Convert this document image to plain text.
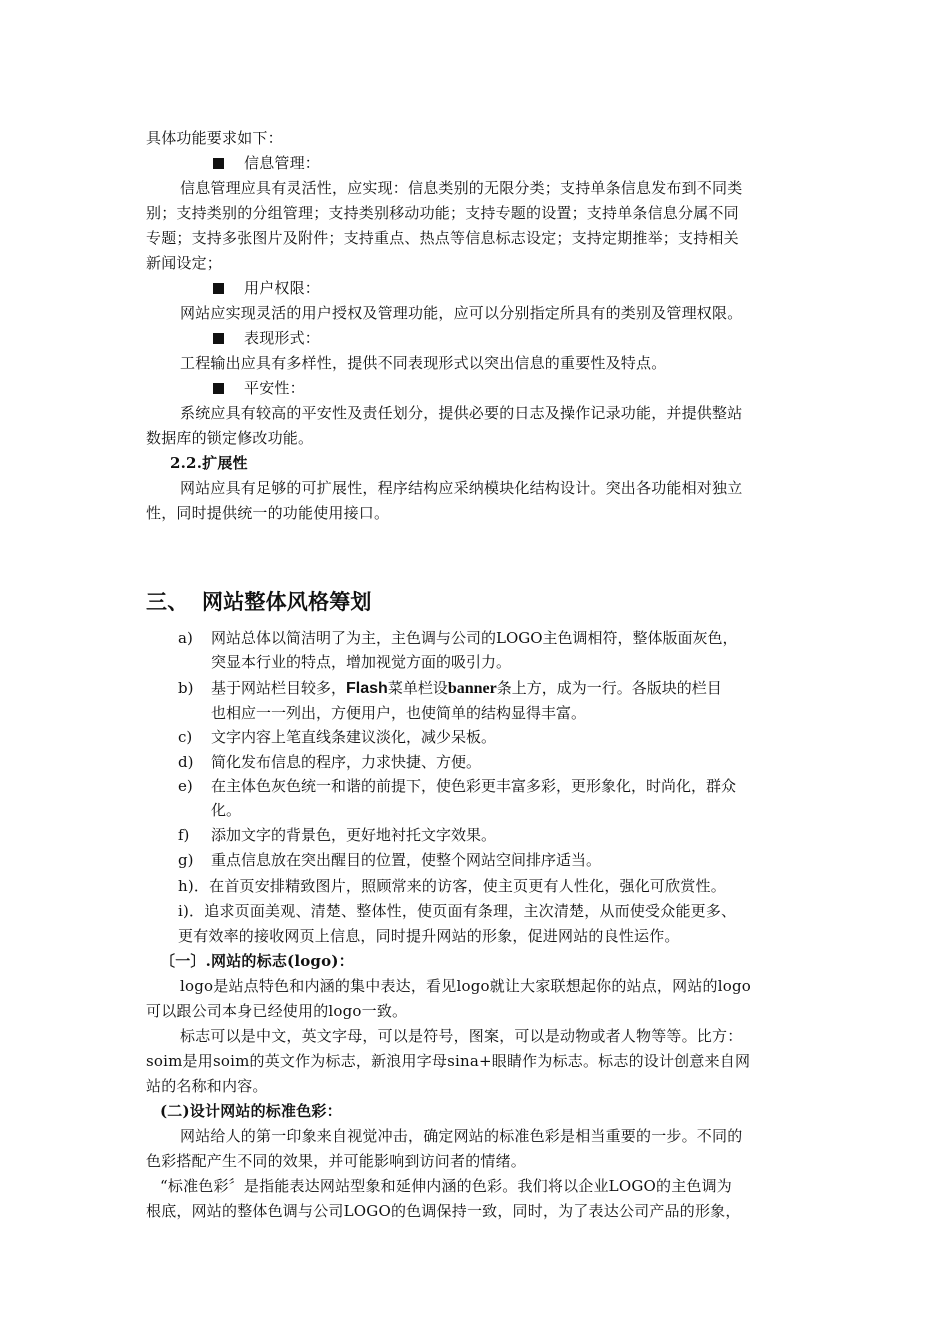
具体功能要求如下：
信息管理：
信息管理应具有灵活性，应实现：信息类别的无限分类；支持单条信息发布到不同类
别；支持类别的分组管理；支持类别移动功能；支持专题的设置；支持单条信息分属不同
专题；支持多张图片及附件；支持重点、热点等信息标志设定；支持定期推举；支持相关
新闻设定；
用户权限：
网站应实现灵活的用户授权及管理功能，应可以分别指定所具有的类别及管理权限。
表现形式：
工程输出应具有多样性，提供不同表现形式以突出信息的重要性及特点。
平安性：
系统应具有较高的平安性及责任划分，提供必要的日志及操作记录功能，并提供整站
数据库的锁定修改功能。
2.2.扩展性
网站应具有足够的可扩展性，程序结构应采纳模块化结构设计。突出各功能相对独立
性，同时提供统一的功能使用接口。
三、 网站整体风格筹划
a) 网站总体以简洁明了为主，主色调与公司的LOGO主色调相符，整体版面灰色，
突显本行业的特点，增加视觉方面的吸引力。
b) 基于网站栏目较多，Flash菜单栏设banner条上方，成为一行。各版块的栏目
也相应一一列出，方便用户，也使简单的结构显得丰富。
c) 文字内容上笔直线条建议淡化，减少呆板。
d) 简化发布信息的程序，力求快捷、方便。
e) 在主体色灰色统一和谐的前提下，使色彩更丰富多彩，更形象化，时尚化，群众
化。
f) 添加文字的背景色，更好地衬托文字效果。
g) 重点信息放在突出醒目的位置，使整个网站空间排序适当。
h)．在首页安排精致图片，照顾常来的访客，使主页更有人性化，强化可欣赏性。
i)．追求页面美观、清楚、整体性，使页面有条理，主次清楚，从而使受众能更多、
更有效率的接收网页上信息，同时提升网站的形象，促进网站的良性运作。
〔一〕.网站的标志(logo)：
logo是站点特色和内涵的集中表达，看见logo就让大家联想起你的站点，网站的logo
可以跟公司本身已经使用的logo一致。
标志可以是中文，英文字母，可以是符号，图案，可以是动物或者人物等等。比方：
soim是用soim的英文作为标志，新浪用字母sina+眼睛作为标志。标志的设计创意来自网
站的名称和内容。
(二)设计网站的标准色彩：
网站给人的第一印象来自视觉冲击，确定网站的标准色彩是相当重要的一步。不同的
色彩搭配产生不同的效果，并可能影响到访问者的情绪。
“标准色彩〞是指能表达网站型象和延伸内涵的色彩。我们将以企业LOGO的主色调为
根底，网站的整体色调与公司LOGO的色调保持一致，同时，为了表达公司产品的形象，
